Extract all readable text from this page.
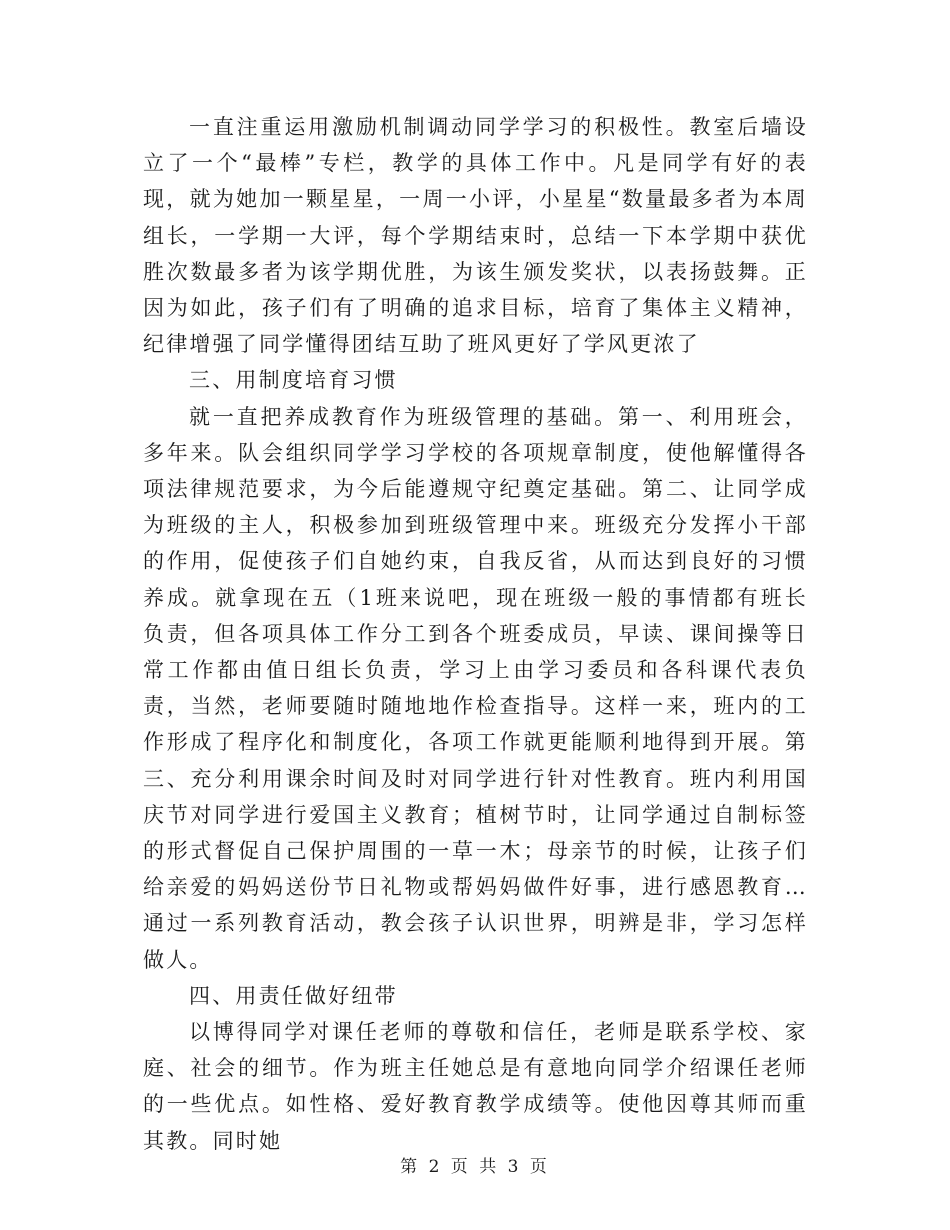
一直注重运用激励机制调动同学学习的积极性。教室后墙设立了一个“最棒”专栏，教学的具体工作中。凡是同学有好的表现，就为她加一颗星星，一周一小评，小星星“数量最多者为本周组长，一学期一大评，每个学期结束时，总结一下本学期中获优胜次数最多者为该学期优胜，为该生颁发奖状，以表扬鼓舞。正因为如此，孩子们有了明确的追求目标，培育了集体主义精神，纪律增强了同学懂得团结互助了班风更好了学风更浓了

三、用制度培育习惯

就一直把养成教育作为班级管理的基础。第一、利用班会，多年来。队会组织同学学习学校的各项规章制度，使他解懂得各项法律规范要求，为今后能遵规守纪奠定基础。第二、让同学成为班级的主人，积极参加到班级管理中来。班级充分发挥小干部的作用，促使孩子们自她约束，自我反省，从而达到良好的习惯养成。就拿现在五（1班来说吧，现在班级一般的事情都有班长负责，但各项具体工作分工到各个班委成员，早读、课间操等日常工作都由值日组长负责，学习上由学习委员和各科课代表负责，当然，老师要随时随地地作检查指导。这样一来，班内的工作形成了程序化和制度化，各项工作就更能顺利地得到开展。第三、充分利用课余时间及时对同学进行针对性教育。班内利用国庆节对同学进行爱国主义教育；植树节时，让同学通过自制标签的形式督促自己保护周围的一草一木；母亲节的时候，让孩子们给亲爱的妈妈送份节日礼物或帮妈妈做件好事，进行感恩教育…通过一系列教育活动，教会孩子认识世界，明辨是非，学习怎样做人。

四、用责任做好纽带

以博得同学对课任老师的尊敬和信任，老师是联系学校、家庭、社会的细节。作为班主任她总是有意地向同学介绍课任老师的一些优点。如性格、爱好教育教学成绩等。使他因尊其师而重其教。同时她

第 2 页 共 3 页
